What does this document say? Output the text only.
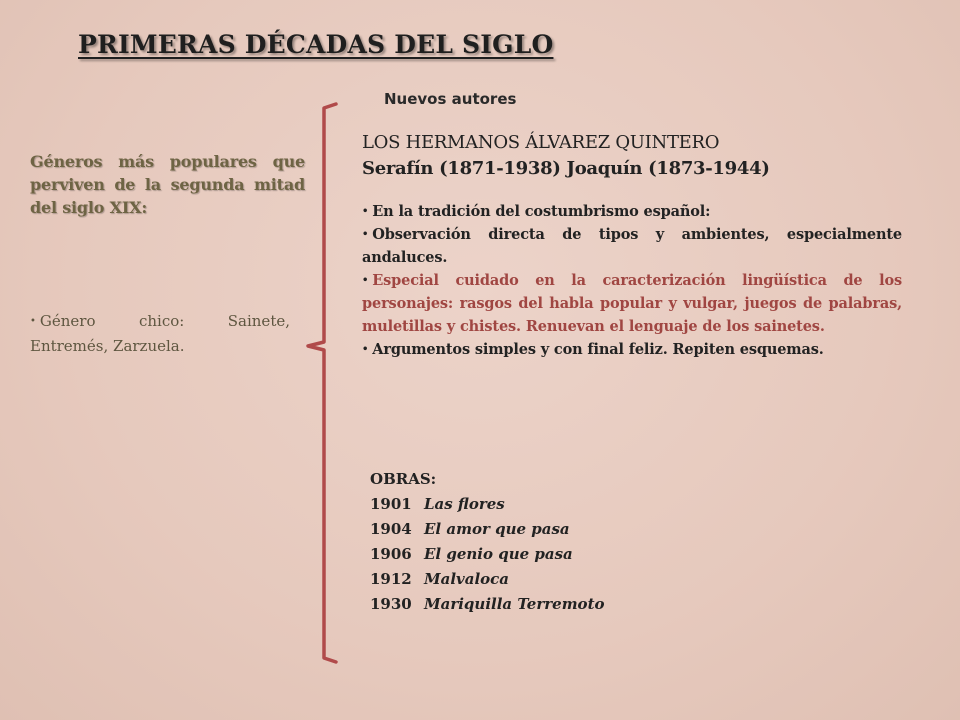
PRIMERAS DÉCADAS DEL SIGLO
Nuevos autores
Géneros más populares que perviven de la segunda mitad del siglo XIX:
• Género chico: Sainete, Entremés, Zarzuela.
LOS HERMANOS ÁLVAREZ QUINTERO
Serafín (1871-1938) Joaquín (1873-1944)
• En la tradición del costumbrismo español:
• Observación directa de tipos y ambientes, especialmente andaluces.
• Especial cuidado en la caracterización lingüística de los personajes: rasgos del habla popular y vulgar, juegos de palabras, muletillas y chistes. Renuevan el lenguaje de los sainetes.
• Argumentos simples y con final feliz. Repiten esquemas.
OBRAS:
1901 Las flores
1904 El amor que pasa
1906 El genio que pasa
1912 Malvaloca
1930 Mariquilla Terremoto
